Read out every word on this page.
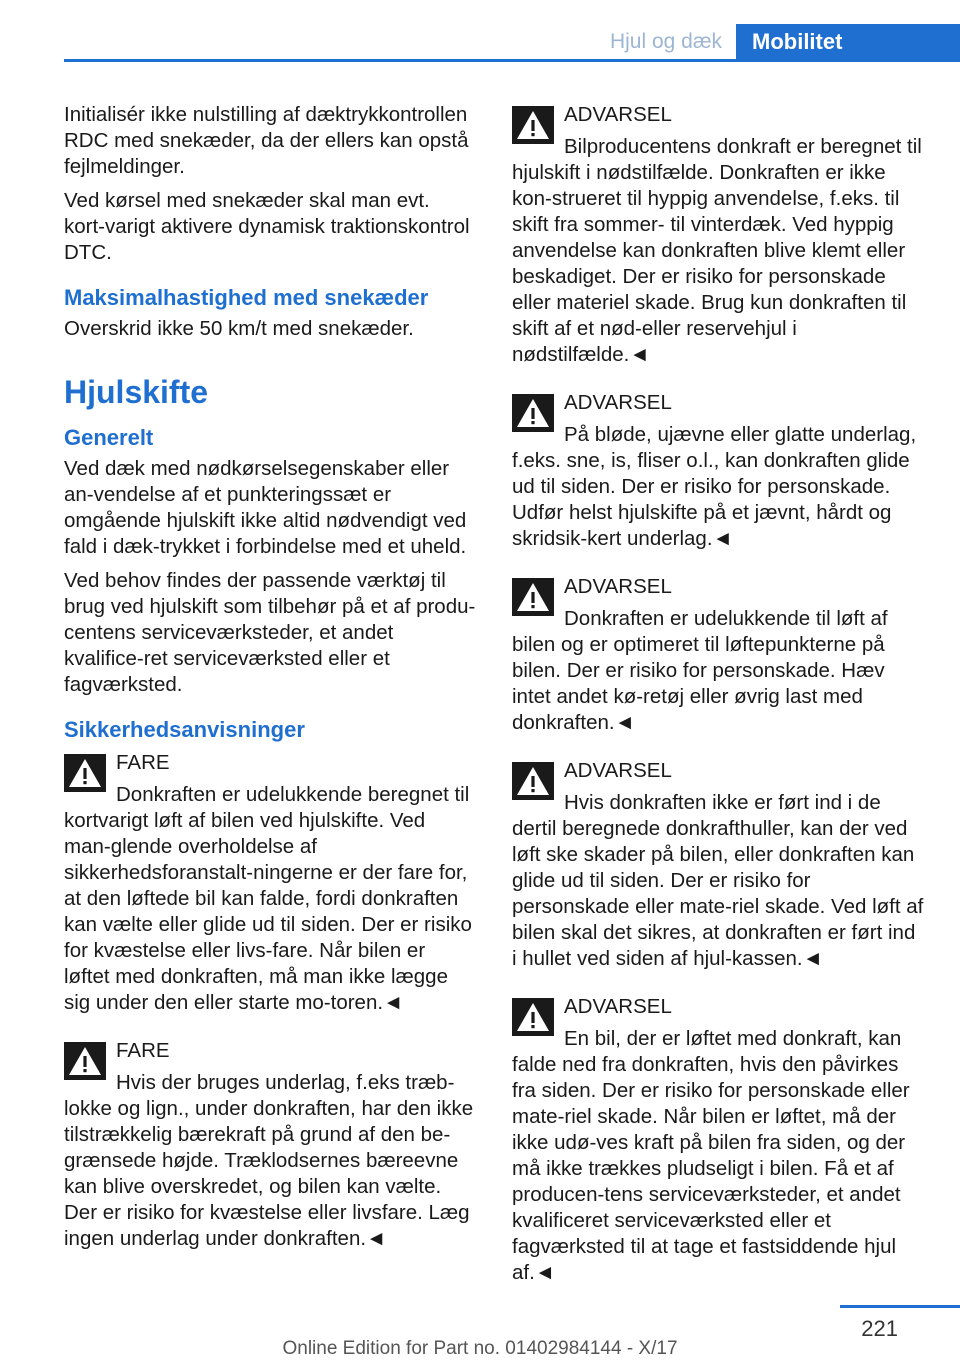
Hjul og dæk	Mobilitet

Initialisér ikke nulstilling af dæktrykkontrollen RDC med snekæder, da der ellers kan opstå fejlmeldinger.

Ved kørsel med snekæder skal man evt. kort‐varigt aktivere dynamisk traktionskontrol DTC.

Maksimalhastighed med snekæder

Overskrid ikke 50 km/t med snekæder.

Hjulskifte
Generelt

Ved dæk med nødkørselsegenskaber eller an‐vendelse af et punkteringssæt er omgående hjulskift ikke altid nødvendigt ved fald i dæk‐trykket i forbindelse med et uheld.

Ved behov findes der passende værktøj til brug ved hjulskift som tilbehør på et af produ‐centens serviceværksteder, et andet kvalifice‐ret serviceværksted eller et fagværksted.

Sikkerhedsanvisninger
FARE
Donkraften er udelukkende beregnet til kortvarigt løft af bilen ved hjulskifte. Ved man‐glende overholdelse af sikkerhedsforanstalt‐ningerne er der fare for, at den løftede bil kan falde, fordi donkraften kan vælte eller glide ud til siden. Der er risiko for kvæstelse eller livs‐fare. Når bilen er løftet med donkraften, må man ikke lægge sig under den eller starte mo‐toren.◄
FARE
Hvis der bruges underlag, f.eks træb‐lokke og lign., under donkraften, har den ikke tilstrækkelig bærekraft på grund af den be‐grænsede højde. Træklodsernes bæreevne kan blive overskredet, og bilen kan vælte. Der er risiko for kvæstelse eller livsfare. Læg ingen underlag under donkraften.◄
ADVARSEL
Bilproducentens donkraft er beregnet til hjulskift i nødstilfælde. Donkraften er ikke kon‐strueret til hyppig anvendelse, f.eks. til skift fra sommer- til vinterdæk. Ved hyppig anvendelse kan donkraften blive klemt eller beskadiget. Der er risiko for personskade eller materiel skade. Brug kun donkraften til skift af et nød‐eller reservehjul i nødstilfælde.◄
ADVARSEL
På bløde, ujævne eller glatte underlag, f.eks. sne, is, fliser o.l., kan donkraften glide ud til siden. Der er risiko for personskade. Udfør helst hjulskifte på et jævnt, hårdt og skridsik‐kert underlag.◄
ADVARSEL
Donkraften er udelukkende til løft af bilen og er optimeret til løftepunkterne på bilen. Der er risiko for personskade. Hæv intet andet kø‐retøj eller øvrig last med donkraften.◄
ADVARSEL
Hvis donkraften ikke er ført ind i de dertil beregnede donkrafthuller, kan der ved løft ske skader på bilen, eller donkraften kan glide ud til siden. Der er risiko for personskade eller mate‐riel skade. Ved løft af bilen skal det sikres, at donkraften er ført ind i hullet ved siden af hjul‐kassen.◄
ADVARSEL
En bil, der er løftet med donkraft, kan falde ned fra donkraften, hvis den påvirkes fra siden. Der er risiko for personskade eller mate‐riel skade. Når bilen er løftet, må der ikke udø‐ves kraft på bilen fra siden, og der må ikke trækkes pludseligt i bilen. Få et af producen‐tens serviceværksteder, et andet kvalificeret serviceværksted eller et fagværksted til at tage et fastsiddende hjul af.◄
221
Online Edition for Part no. 01402984144 - X/17
